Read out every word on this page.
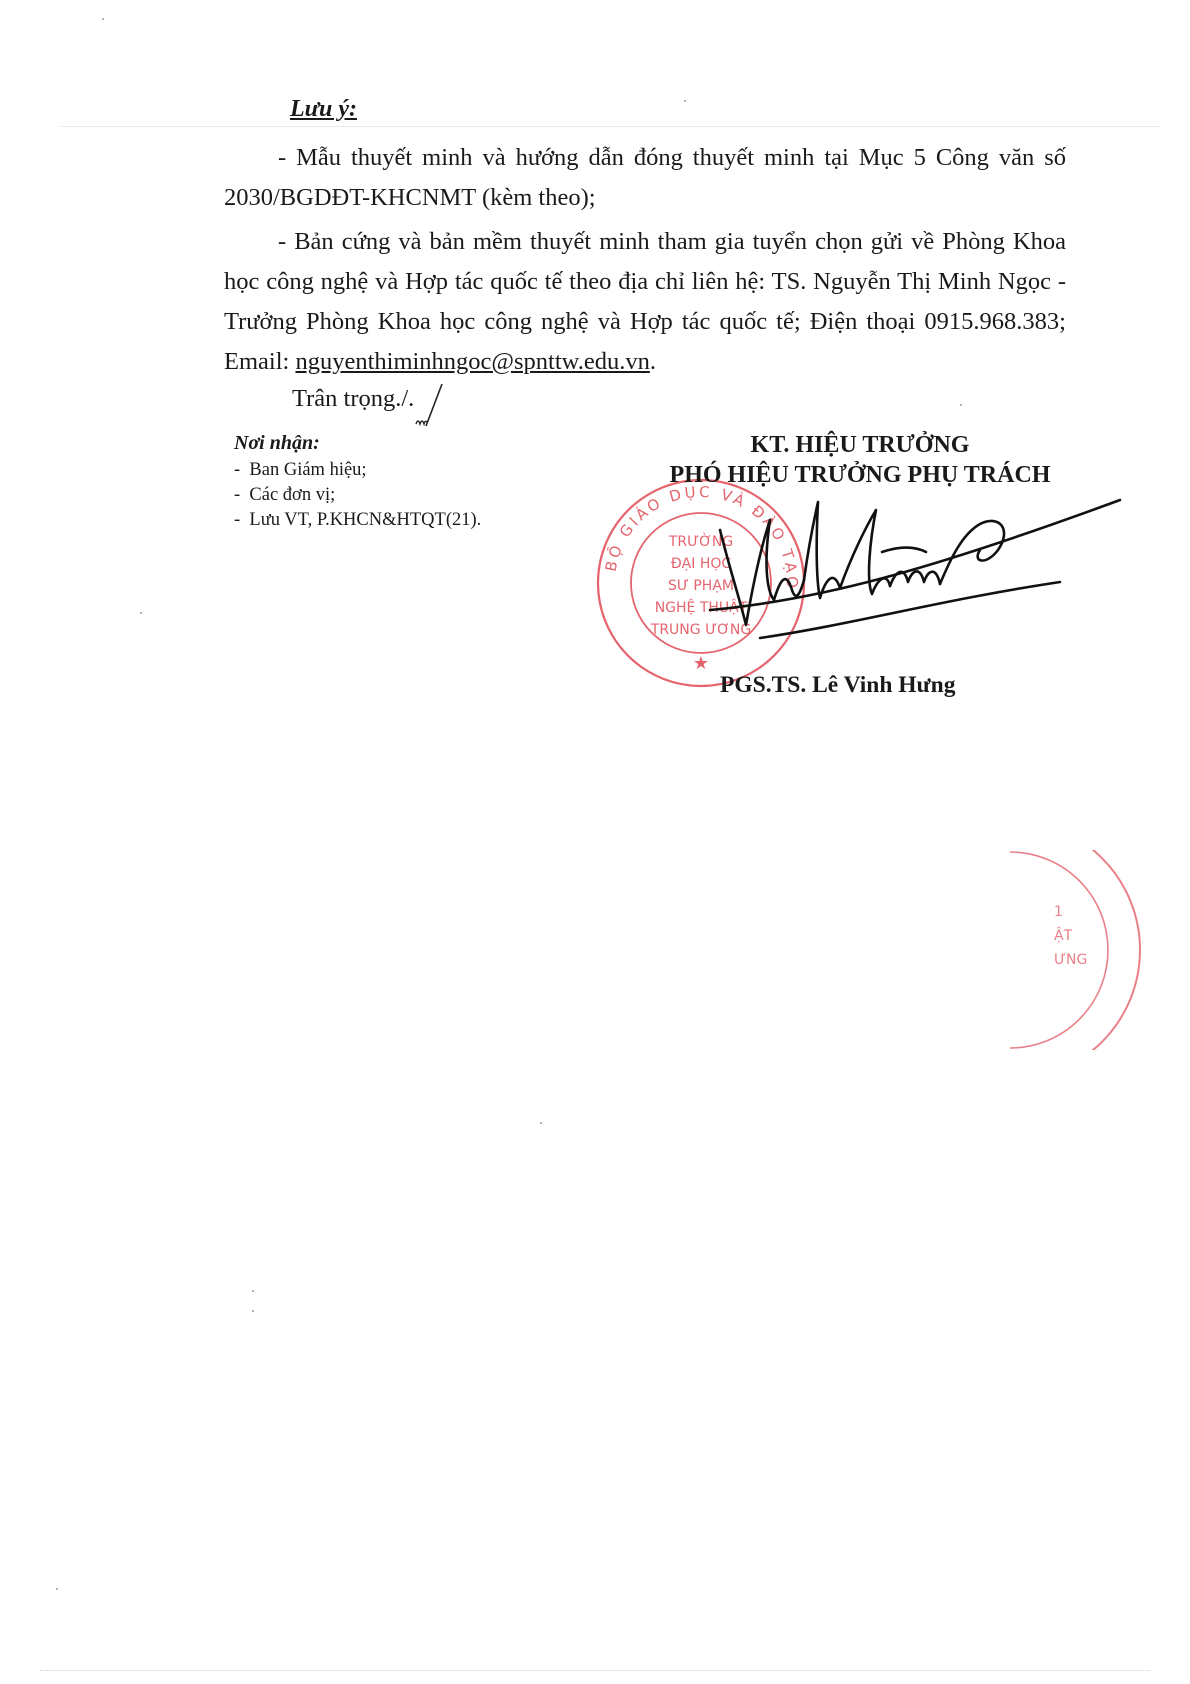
Lưu ý:
- Mẫu thuyết minh và hướng dẫn đóng thuyết minh tại Mục 5 Công văn số 2030/BGDĐT-KHCNMT (kèm theo);
- Bản cứng và bản mềm thuyết minh tham gia tuyển chọn gửi về Phòng Khoa học công nghệ và Hợp tác quốc tế theo địa chỉ liên hệ: TS. Nguyễn Thị Minh Ngọc - Trưởng Phòng Khoa học công nghệ và Hợp tác quốc tế; Điện thoại 0915.968.383; Email: nguyenthiminhngoc@spnttw.edu.vn.
Trân trọng./.
Nơi nhận:
- Ban Giám hiệu;
- Các đơn vị;
- Lưu VT, P.KHCN&HTQT(21).
BỘ GIÁO DỤC VÀ ĐÀO TẠO
TRƯỜNG
ĐẠI HỌC
SƯ PHẠM
NGHỆ THUẬT
TRUNG ƯƠNG
★
KT. HIỆU TRƯỞNG
PHÓ HIỆU TRƯỞNG PHỤ TRÁCH
PGS.TS. Lê Vinh Hưng
1
ẬT
ƯNG
